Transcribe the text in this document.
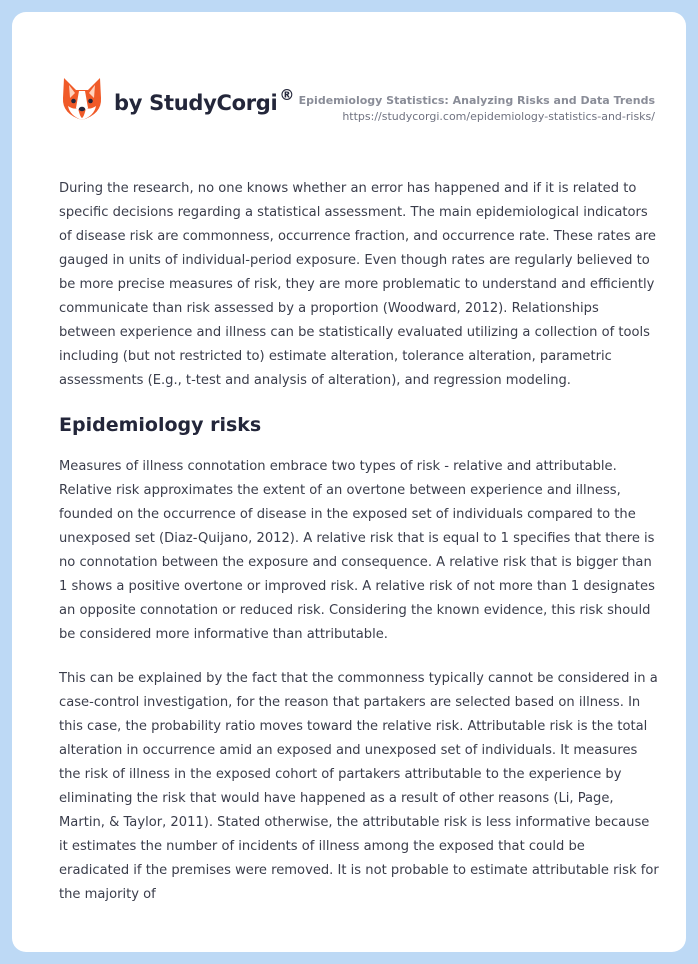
by StudyCorgi ® Epidemiology Statistics: Analyzing Risks and Data Trends
https://studycorgi.com/epidemiology-statistics-and-risks/

During the research, no one knows whether an error has happened and if it is related to specific decisions regarding a statistical assessment. The main epidemiological indicators of disease risk are commonness, occurrence fraction, and occurrence rate. These rates are gauged in units of individual-period exposure. Even though rates are regularly believed to be more precise measures of risk, they are more problematic to understand and efficiently communicate than risk assessed by a proportion (Woodward, 2012). Relationships between experience and illness can be statistically evaluated utilizing a collection of tools including (but not restricted to) estimate alteration, tolerance alteration, parametric assessments (E.g., t-test and analysis of alteration), and regression modeling.

Epidemiology risks

Measures of illness connotation embrace two types of risk - relative and attributable. Relative risk approximates the extent of an overtone between experience and illness, founded on the occurrence of disease in the exposed set of individuals compared to the unexposed set (Diaz-Quijano, 2012). A relative risk that is equal to 1 specifies that there is no connotation between the exposure and consequence. A relative risk that is bigger than 1 shows a positive overtone or improved risk. A relative risk of not more than 1 designates an opposite connotation or reduced risk. Considering the known evidence, this risk should be considered more informative than attributable.

This can be explained by the fact that the commonness typically cannot be considered in a case-control investigation, for the reason that partakers are selected based on illness. In this case, the probability ratio moves toward the relative risk. Attributable risk is the total alteration in occurrence amid an exposed and unexposed set of individuals. It measures the risk of illness in the exposed cohort of partakers attributable to the experience by eliminating the risk that would have happened as a result of other reasons (Li, Page, Martin, & Taylor, 2011). Stated otherwise, the attributable risk is less informative because it estimates the number of incidents of illness among the exposed that could be eradicated if the premises were removed. It is not probable to estimate attributable risk for the majority of
